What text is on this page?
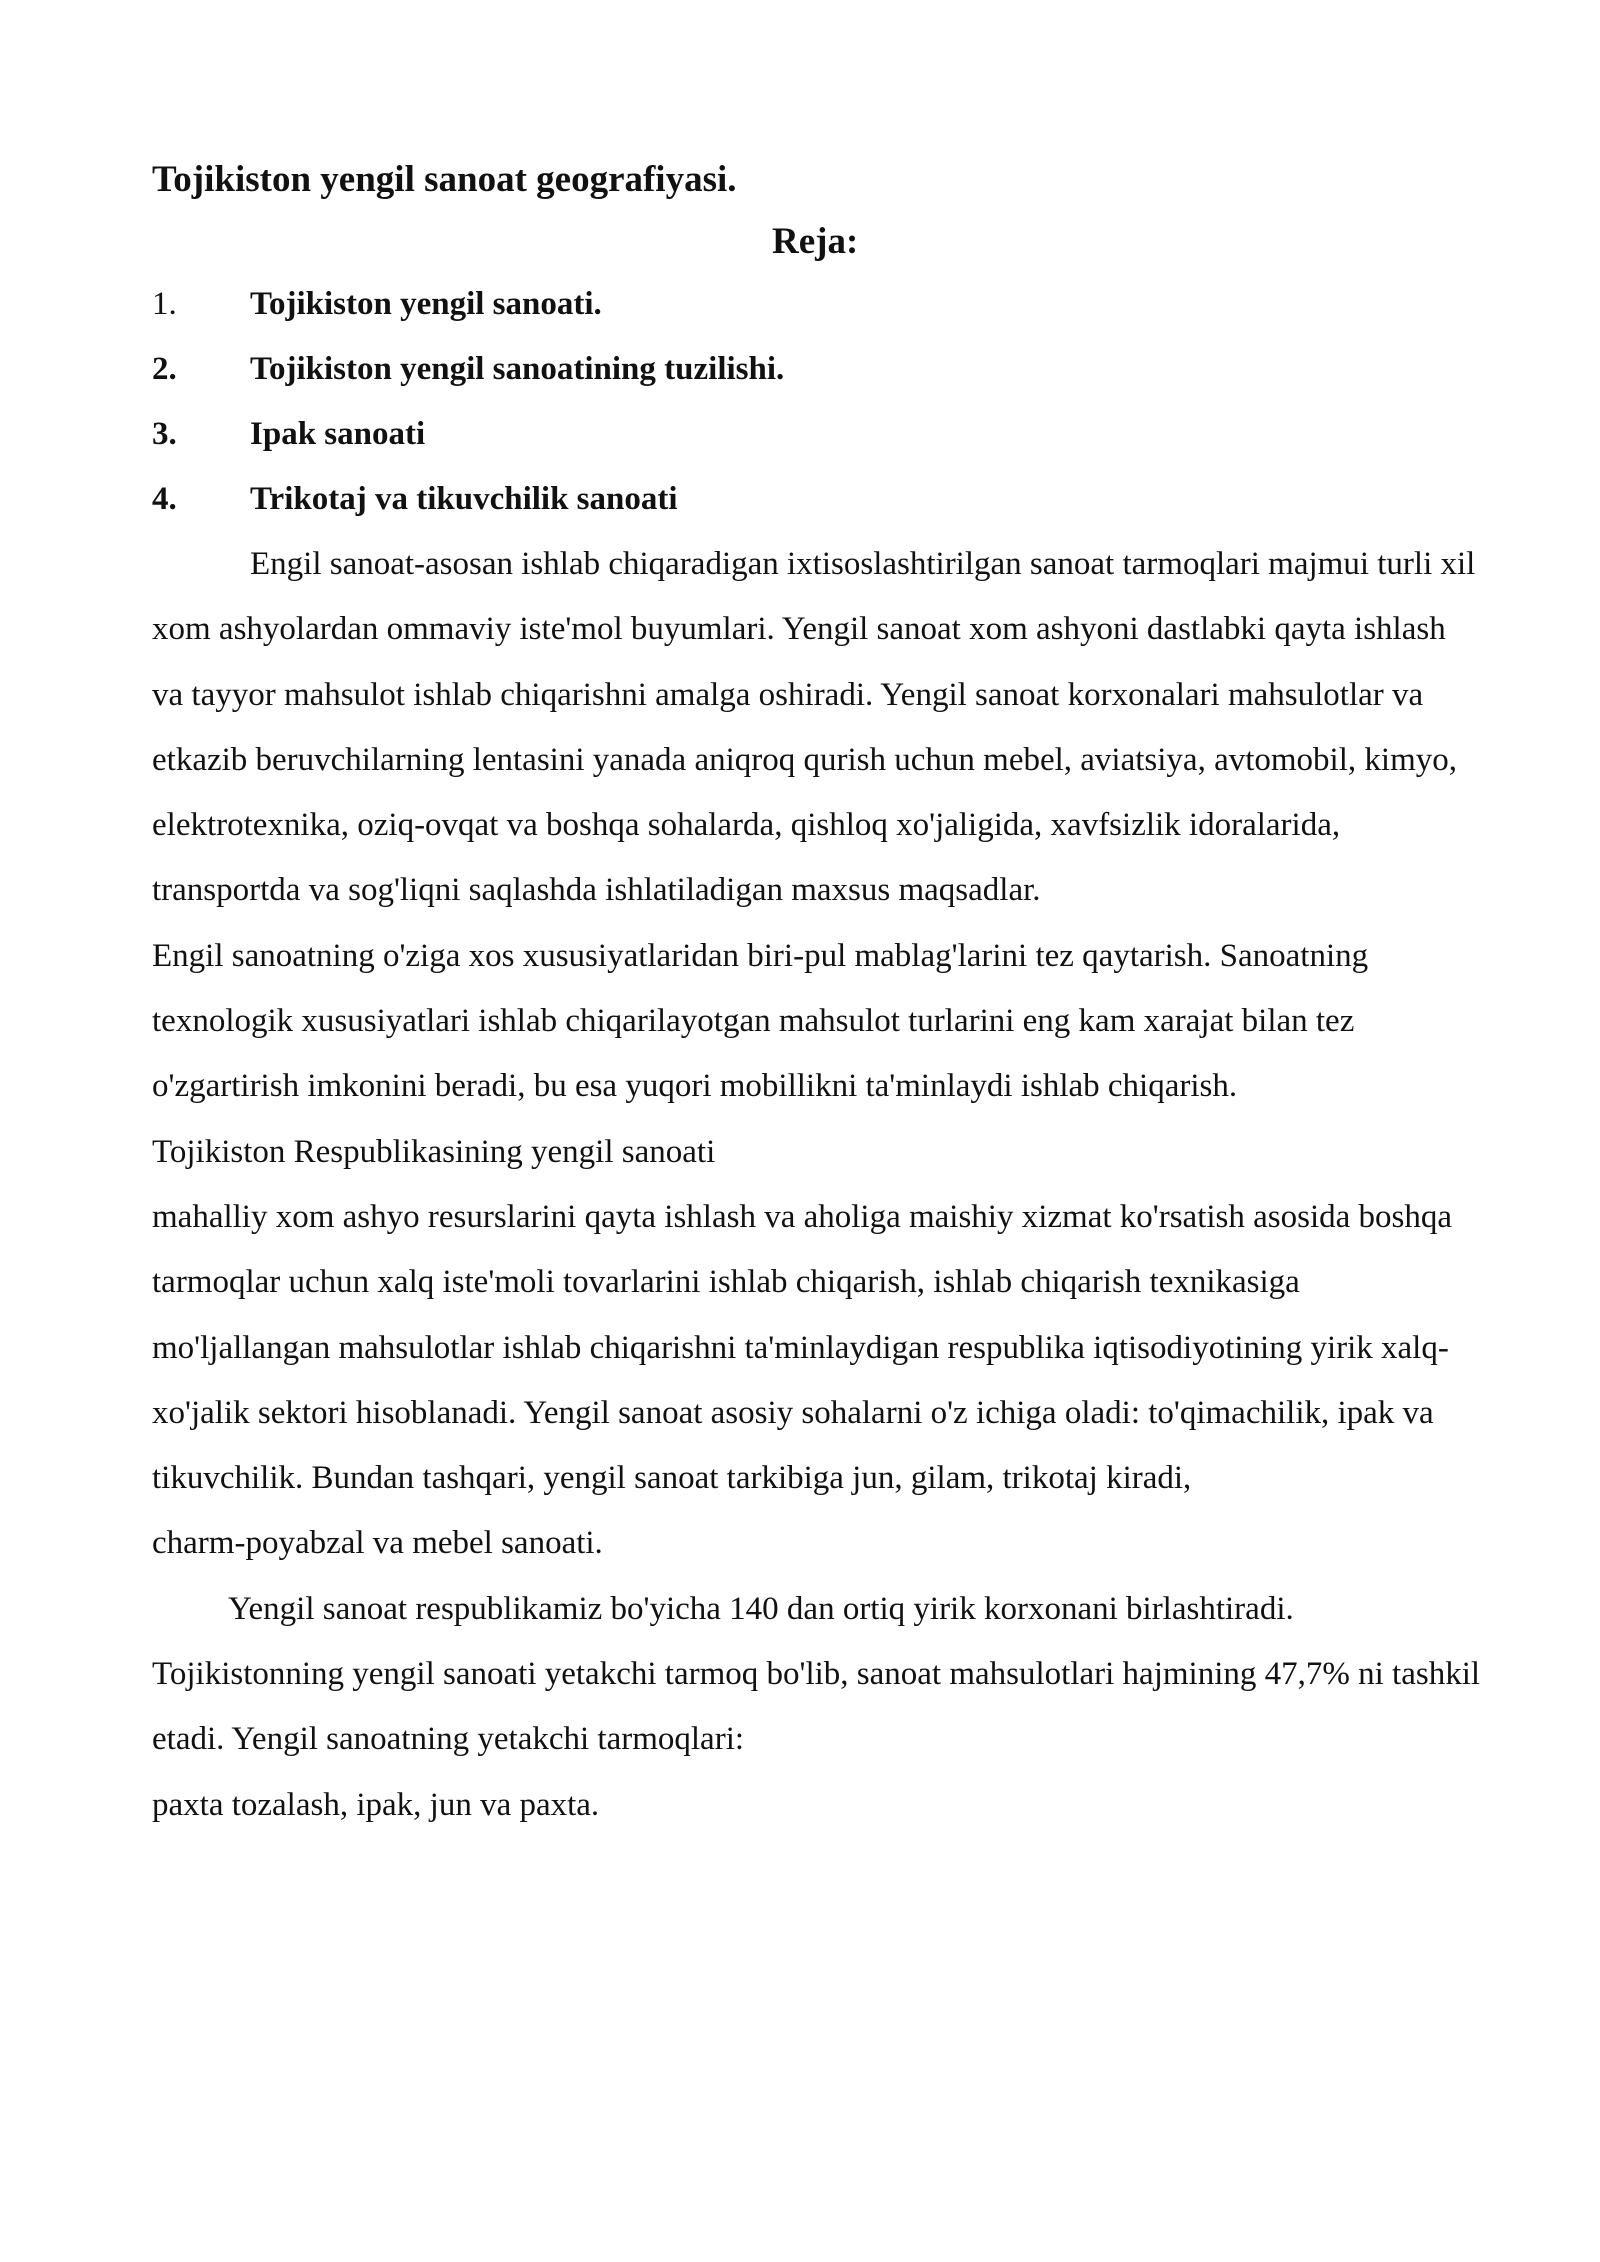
Tojikiston yengil sanoat geografiyasi.
Reja:
1.	Tojikiston yengil sanoati.
2.	Tojikiston yengil sanoatining tuzilishi.
3.	Ipak sanoati
4.	Trikotaj va tikuvchilik sanoati

Engil sanoat-asosan ishlab chiqaradigan ixtisoslashtirilgan sanoat tarmoqlari majmui turli xil xom ashyolardan ommaviy iste'mol buyumlari. Yengil sanoat xom ashyoni dastlabki qayta ishlash va tayyor mahsulot ishlab chiqarishni amalga oshiradi. Yengil sanoat korxonalari mahsulotlar va etkazib beruvchilarning lentasini yanada aniqroq qurish uchun mebel, aviatsiya, avtomobil, kimyo, elektrotexnika, oziq-ovqat va boshqa sohalarda, qishloq xo'jaligida, xavfsizlik idoralarida, transportda va sog'liqni saqlashda ishlatiladigan maxsus maqsadlar.

Engil sanoatning o'ziga xos xususiyatlaridan biri-pul mablag'larini tez qaytarish. Sanoatning texnologik xususiyatlari ishlab chiqarilayotgan mahsulot turlarini eng kam xarajat bilan tez o'zgartirish imkonini beradi, bu esa yuqori mobillikni ta'minlaydi ishlab chiqarish.

Tojikiston Respublikasining yengil sanoati

mahalliy xom ashyo resurslarini qayta ishlash va aholiga maishiy xizmat ko'rsatish asosida boshqa tarmoqlar uchun xalq iste'moli tovarlarini ishlab chiqarish, ishlab chiqarish texnikasiga mo'ljallangan mahsulotlar ishlab chiqarishni ta'minlaydigan respublika iqtisodiyotining yirik xalq-xo'jalik sektori hisoblanadi. Yengil sanoat asosiy sohalarni o'z ichiga oladi: to'qimachilik, ipak va tikuvchilik. Bundan tashqari, yengil sanoat tarkibiga jun, gilam, trikotaj kiradi,

charm-poyabzal va mebel sanoati.

Yengil sanoat respublikamiz bo'yicha 140 dan ortiq yirik korxonani birlashtiradi. Tojikistonning yengil sanoati yetakchi tarmoq bo'lib, sanoat mahsulotlari hajmining 47,7% ni tashkil etadi. Yengil sanoatning yetakchi tarmoqlari:

paxta tozalash, ipak, jun va paxta.
